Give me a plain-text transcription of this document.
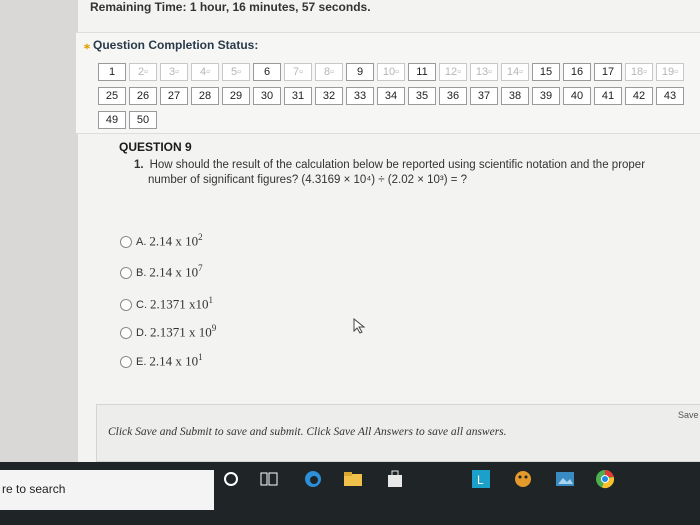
Remaining Time: 1 hour, 16 minutes, 57 seconds.
⁎ Question Completion Status:
1	2▫	3▫	4▫	5▫	6	7▫	8▫	9	10▫	11	12▫	13▫	14▫	15	16	17	18▫	19▫
25	26	27	28	29	30	31	32	33	34	35	36	37	38	39	40	41	42	43
49	50
QUESTION 9
1. How should the result of the calculation below be reported using scientific notation and the proper
number of significant figures? (4.3169 × 10⁴) ÷ (2.02 × 10³) = ?
A. 2.14 x $10^2$
B. 2.14 x $10^7$
C. 2.1371 $x10^1$
D. 2.1371 x $10^9$
E. 2.14 x $10^1$
Click Save and Submit to save and submit. Click Save All Answers to save all answers.
Save
re to search
L
